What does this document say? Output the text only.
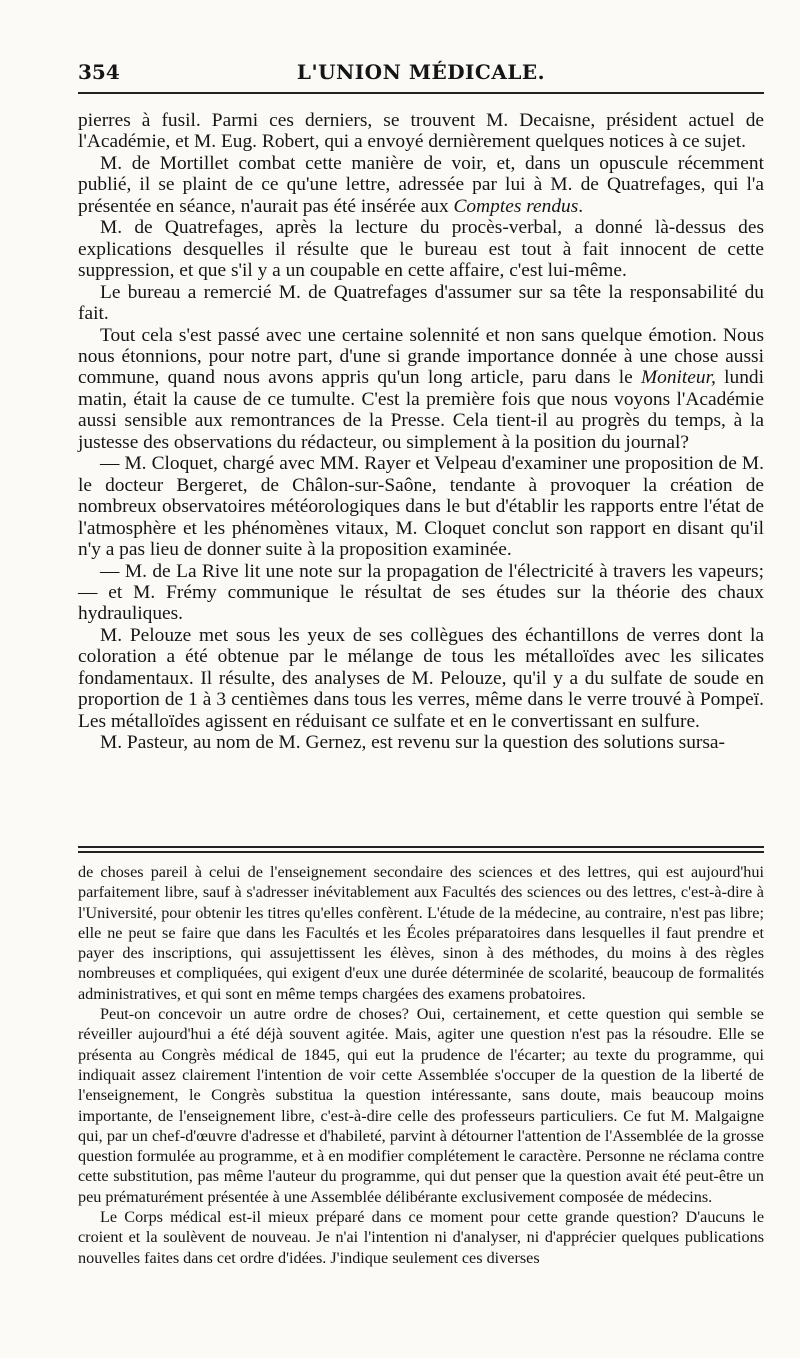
354	L'UNION MÉDICALE.

pierres à fusil. Parmi ces derniers, se trouvent M. Decaisne, président actuel de l'Académie, et M. Eug. Robert, qui a envoyé dernièrement quelques notices à ce sujet.

M. de Mortillet combat cette manière de voir, et, dans un opuscule récemment publié, il se plaint de ce qu'une lettre, adressée par lui à M. de Quatrefages, qui l'a présentée en séance, n'aurait pas été insérée aux Comptes rendus.

M. de Quatrefages, après la lecture du procès-verbal, a donné là-dessus des explications desquelles il résulte que le bureau est tout à fait innocent de cette suppression, et que s'il y a un coupable en cette affaire, c'est lui-même.

Le bureau a remercié M. de Quatrefages d'assumer sur sa tête la responsabilité du fait.

Tout cela s'est passé avec une certaine solennité et non sans quelque émotion. Nous nous étonnions, pour notre part, d'une si grande importance donnée à une chose aussi commune, quand nous avons appris qu'un long article, paru dans le Moniteur, lundi matin, était la cause de ce tumulte. C'est la première fois que nous voyons l'Académie aussi sensible aux remontrances de la Presse. Cela tient-il au progrès du temps, à la justesse des observations du rédacteur, ou simplement à la position du journal?

— M. Cloquet, chargé avec MM. Rayer et Velpeau d'examiner une proposition de M. le docteur Bergeret, de Châlon-sur-Saône, tendante à provoquer la création de nombreux observatoires météorologiques dans le but d'établir les rapports entre l'état de l'atmosphère et les phénomènes vitaux, M. Cloquet conclut son rapport en disant qu'il n'y a pas lieu de donner suite à la proposition examinée.

— M. de La Rive lit une note sur la propagation de l'électricité à travers les vapeurs; — et M. Frémy communique le résultat de ses études sur la théorie des chaux hydrauliques.

M. Pelouze met sous les yeux de ses collègues des échantillons de verres dont la coloration a été obtenue par le mélange de tous les métalloïdes avec les silicates fondamentaux. Il résulte, des analyses de M. Pelouze, qu'il y a du sulfate de soude en proportion de 1 à 3 centièmes dans tous les verres, même dans le verre trouvé à Pompeï. Les métalloïdes agissent en réduisant ce sulfate et en le convertissant en sulfure.

M. Pasteur, au nom de M. Gernez, est revenu sur la question des solutions sursa-

de choses pareil à celui de l'enseignement secondaire des sciences et des lettres, qui est aujourd'hui parfaitement libre, sauf à s'adresser inévitablement aux Facultés des sciences ou des lettres, c'est-à-dire à l'Université, pour obtenir les titres qu'elles confèrent. L'étude de la médecine, au contraire, n'est pas libre; elle ne peut se faire que dans les Facultés et les Écoles préparatoires dans lesquelles il faut prendre et payer des inscriptions, qui assujettissent les élèves, sinon à des méthodes, du moins à des règles nombreuses et compliquées, qui exigent d'eux une durée déterminée de scolarité, beaucoup de formalités administratives, et qui sont en même temps chargées des examens probatoires.

Peut-on concevoir un autre ordre de choses? Oui, certainement, et cette question qui semble se réveiller aujourd'hui a été déjà souvent agitée. Mais, agiter une question n'est pas la résoudre. Elle se présenta au Congrès médical de 1845, qui eut la prudence de l'écarter; au texte du programme, qui indiquait assez clairement l'intention de voir cette Assemblée s'occuper de la question de la liberté de l'enseignement, le Congrès substitua la question intéressante, sans doute, mais beaucoup moins importante, de l'enseignement libre, c'est-à-dire celle des professeurs particuliers. Ce fut M. Malgaigne qui, par un chef-d'œuvre d'adresse et d'habileté, parvint à détourner l'attention de l'Assemblée de la grosse question formulée au programme, et à en modifier complétement le caractère. Personne ne réclama contre cette substitution, pas même l'auteur du programme, qui dut penser que la question avait été peut-être un peu prématurément présentée à une Assemblée délibérante exclusivement composée de médecins.

Le Corps médical est-il mieux préparé dans ce moment pour cette grande question? D'aucuns le croient et la soulèvent de nouveau. Je n'ai l'intention ni d'analyser, ni d'apprécier quelques publications nouvelles faites dans cet ordre d'idées. J'indique seulement ces diverses
